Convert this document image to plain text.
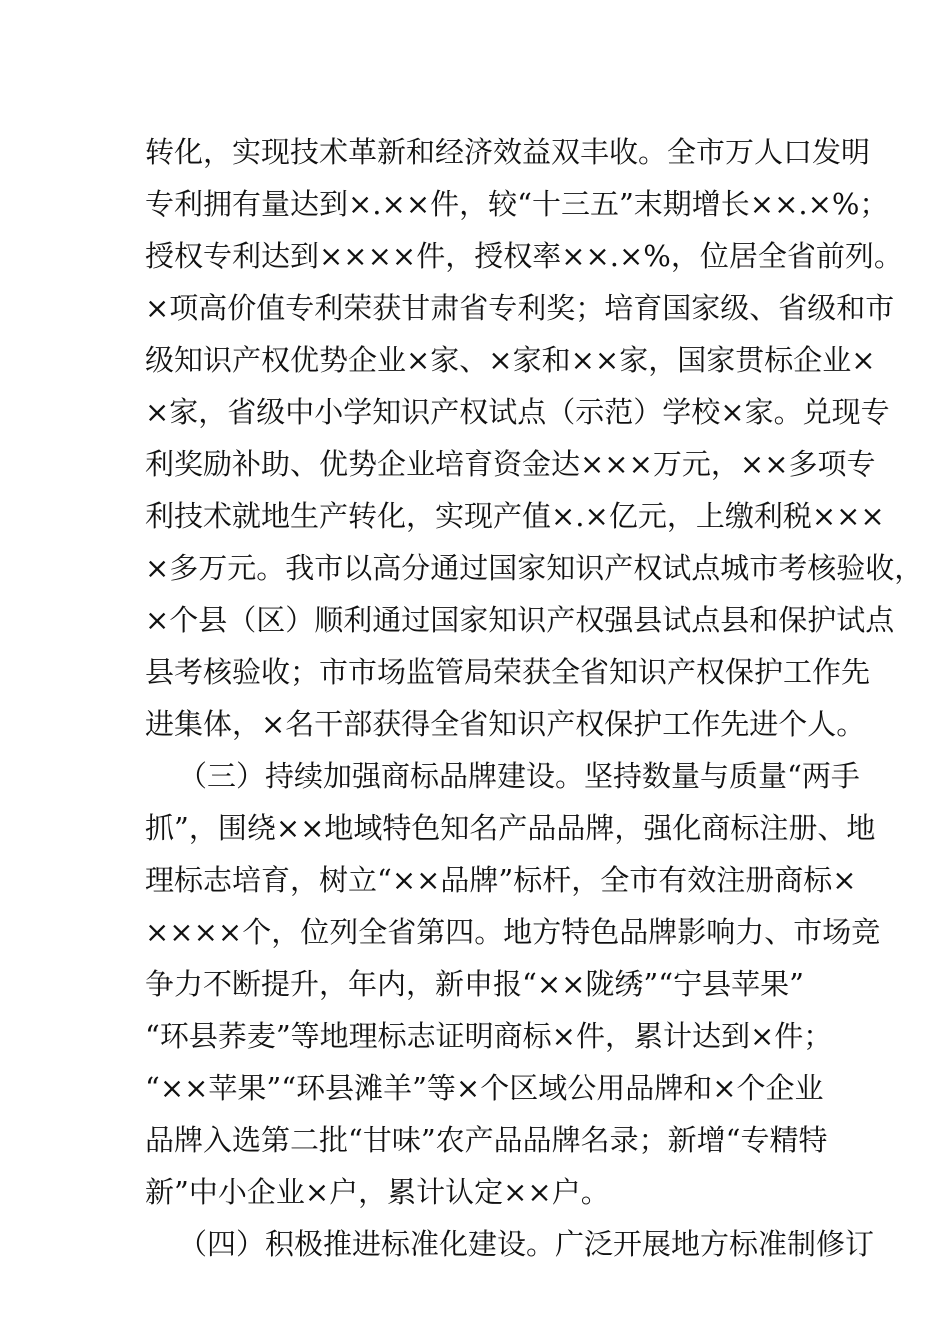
转化，实现技术革新和经济效益双丰收。全市万人口发明
专利拥有量达到×.××件，较“十三五”末期增长××.×%；
授权专利达到××××件，授权率××.×%，位居全省前列。
×项高价值专利荣获甘肃省专利奖；培育国家级、省级和市
级知识产权优势企业×家、×家和××家，国家贯标企业×
×家，省级中小学知识产权试点（示范）学校×家。兑现专
利奖励补助、优势企业培育资金达×××万元，××多项专
利技术就地生产转化，实现产值×.×亿元，上缴利税×××
×多万元。我市以高分通过国家知识产权试点城市考核验收，
×个县（区）顺利通过国家知识产权强县试点县和保护试点
县考核验收；市市场监管局荣获全省知识产权保护工作先
进集体，×名干部获得全省知识产权保护工作先进个人。
（三）持续加强商标品牌建设。坚持数量与质量“两手
抓”，围绕××地域特色知名产品品牌，强化商标注册、地
理标志培育，树立“××品牌”标杆，全市有效注册商标×
××××个，位列全省第四。地方特色品牌影响力、市场竞
争力不断提升，年内，新申报“××陇绣”“宁县苹果”
“环县荞麦”等地理标志证明商标×件，累计达到×件；
“××苹果”“环县滩羊”等×个区域公用品牌和×个企业
品牌入选第二批“甘味”农产品品牌名录；新增“专精特
新”中小企业×户，累计认定××户。
（四）积极推进标准化建设。广泛开展地方标准制修订
